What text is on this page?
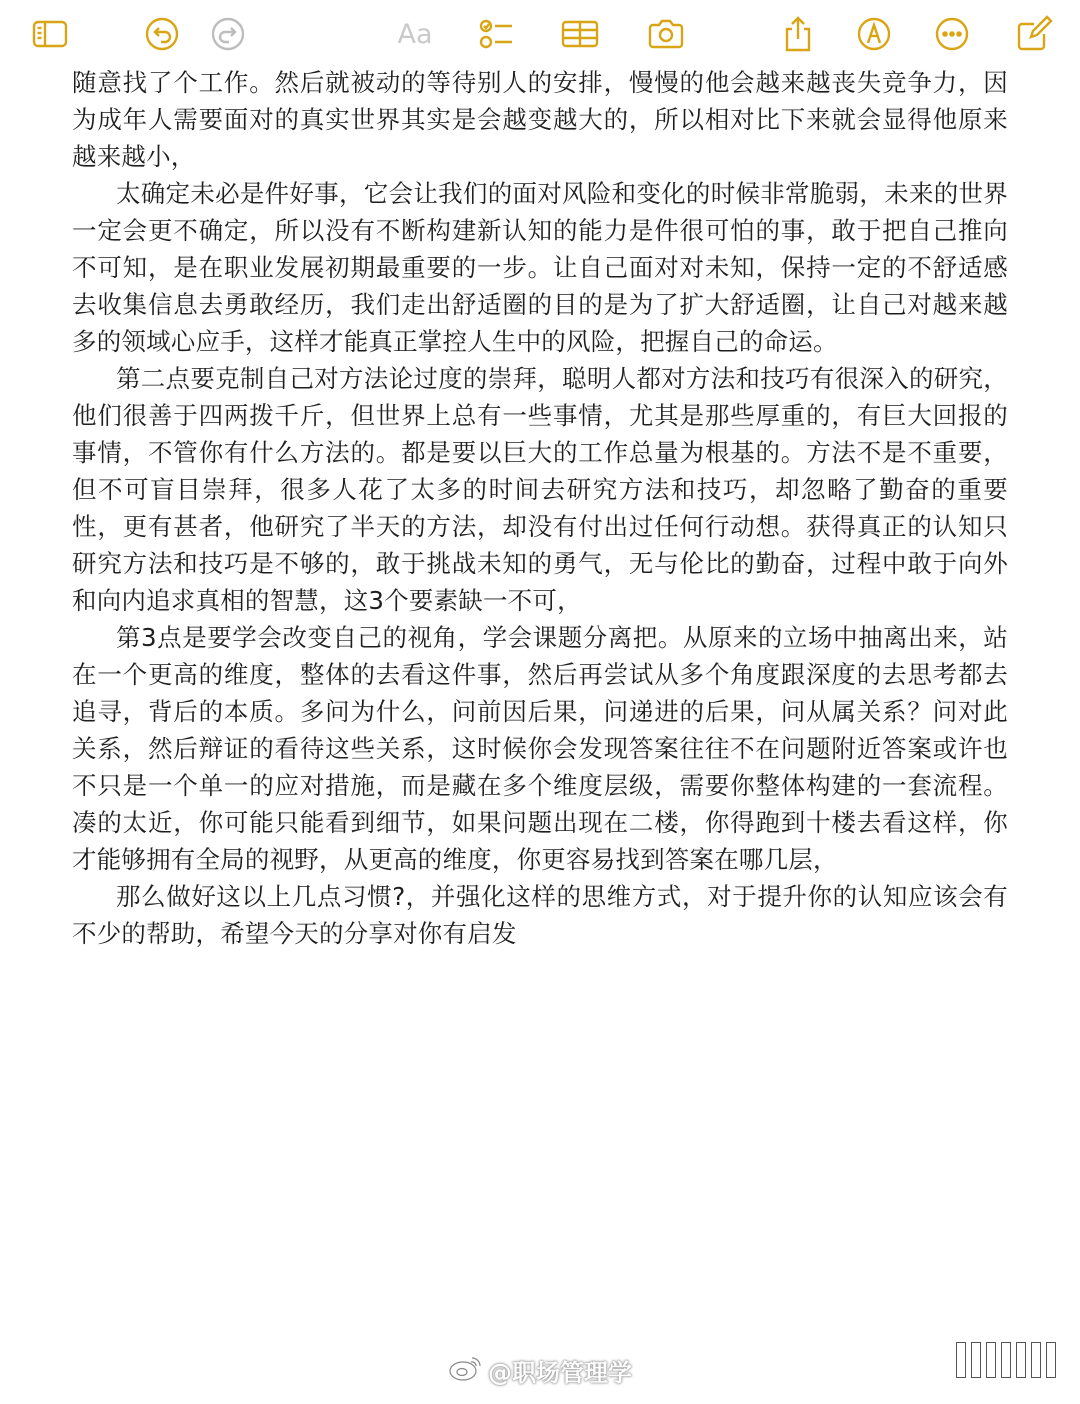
Aa

随意找了个工作。然后就被动的等待别人的安排，慢慢的他会越来越丧失竞争力，因为成年人需要面对的真实世界其实是会越变越大的，所以相对比下来就会显得他原来越来越小，

太确定未必是件好事，它会让我们的面对风险和变化的时候非常脆弱，未来的世界一定会更不确定，所以没有不断构建新认知的能力是件很可怕的事，敢于把自己推向不可知，是在职业发展初期最重要的一步。让自己面对对未知，保持一定的不舒适感去收集信息去勇敢经历，我们走出舒适圈的目的是为了扩大舒适圈，让自己对越来越多的领域心应手，这样才能真正掌控人生中的风险，把握自己的命运。

第二点要克制自己对方法论过度的崇拜，聪明人都对方法和技巧有很深入的研究，他们很善于四两拨千斤，但世界上总有一些事情，尤其是那些厚重的，有巨大回报的事情，不管你有什么方法的。都是要以巨大的工作总量为根基的。方法不是不重要，但不可盲目崇拜，很多人花了太多的时间去研究方法和技巧，却忽略了勤奋的重要性，更有甚者，他研究了半天的方法，却没有付出过任何行动想。获得真正的认知只研究方法和技巧是不够的，敢于挑战未知的勇气，无与伦比的勤奋，过程中敢于向外和向内追求真相的智慧，这3个要素缺一不可，

第3点是要学会改变自己的视角，学会课题分离把。从原来的立场中抽离出来，站在一个更高的维度，整体的去看这件事，然后再尝试从多个角度跟深度的去思考都去追寻，背后的本质。多问为什么，问前因后果，问递进的后果，问从属关系？问对此关系，然后辩证的看待这些关系，这时候你会发现答案往往不在问题附近答案或许也不只是一个单一的应对措施，而是藏在多个维度层级，需要你整体构建的一套流程。凑的太近，你可能只能看到细节，如果问题出现在二楼，你得跑到十楼去看这样，你才能够拥有全局的视野，从更高的维度，你更容易找到答案在哪几层，

那么做好这以上几点习惯?，并强化这样的思维方式，对于提升你的认知应该会有不少的帮助，希望今天的分享对你有启发

@职场管理学
